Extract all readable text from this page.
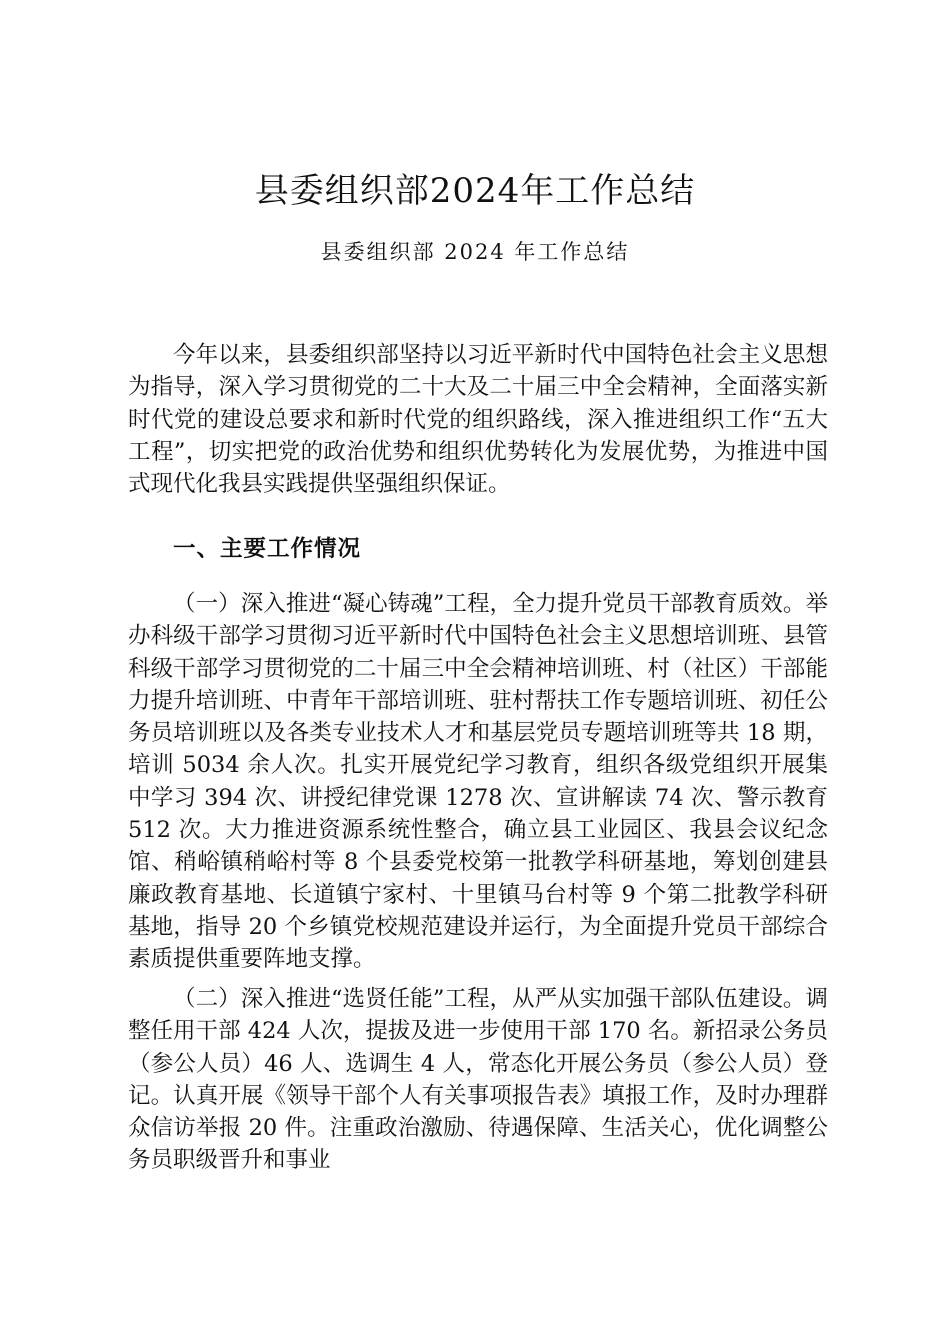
县委组织部2024年工作总结
县委组织部 2024 年工作总结

今年以来，县委组织部坚持以习近平新时代中国特色社会主义思想为指导，深入学习贯彻党的二十大及二十届三中全会精神，全面落实新时代党的建设总要求和新时代党的组织路线，深入推进组织工作“五大工程”，切实把党的政治优势和组织优势转化为发展优势，为推进中国式现代化我县实践提供坚强组织保证。

一、主要工作情况

（一）深入推进“凝心铸魂”工程，全力提升党员干部教育质效。举办科级干部学习贯彻习近平新时代中国特色社会主义思想培训班、县管科级干部学习贯彻党的二十届三中全会精神培训班、村（社区）干部能力提升培训班、中青年干部培训班、驻村帮扶工作专题培训班、初任公务员培训班以及各类专业技术人才和基层党员专题培训班等共 18 期，培训 5034 余人次。扎实开展党纪学习教育，组织各级党组织开展集中学习 394 次、讲授纪律党课 1278 次、宣讲解读 74 次、警示教育 512 次。大力推进资源系统性整合，确立县工业园区、我县会议纪念馆、稍峪镇稍峪村等 8 个县委党校第一批教学科研基地，筹划创建县廉政教育基地、长道镇宁家村、十里镇马台村等 9 个第二批教学科研基地，指导 20 个乡镇党校规范建设并运行，为全面提升党员干部综合素质提供重要阵地支撑。

（二）深入推进“选贤任能”工程，从严从实加强干部队伍建设。调整任用干部 424 人次，提拔及进一步使用干部 170 名。新招录公务员（参公人员）46 人、选调生 4 人，常态化开展公务员（参公人员）登记。认真开展《领导干部个人有关事项报告表》填报工作，及时办理群众信访举报 20 件。注重政治激励、待遇保障、生活关心，优化调整公务员职级晋升和事业
